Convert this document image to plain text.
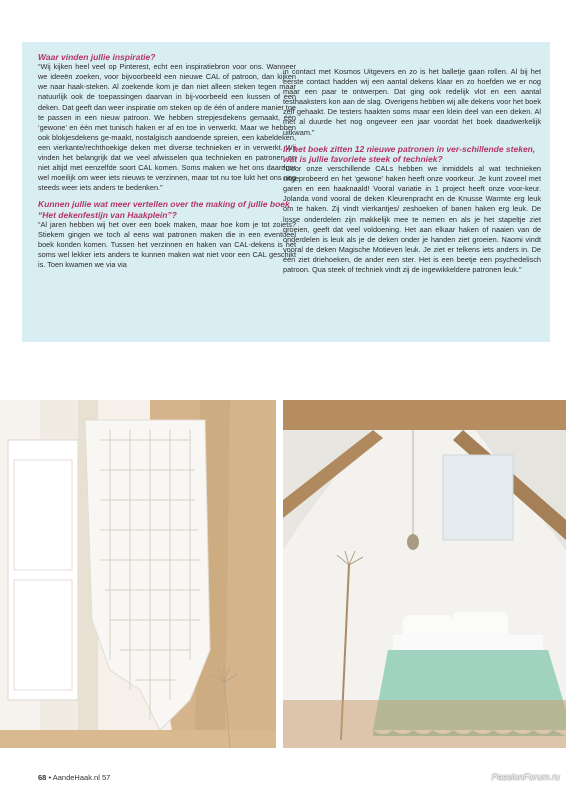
Waar vinden jullie inspiratie?

“Wij kijken heel veel op Pinterest, echt een inspiratiebron voor ons. Wanneer we ideeën zoeken, voor bijvoorbeeld een nieuwe CAL of patroon, dan kijken we naar haak-steken. Al zoekende kom je dan niet alleen steken tegen maar natuurlijk ook de toepassingen daarvan in bij-voorbeeld een kussen of een deken. Dat geeft dan weer inspiratie om steken op de één of andere manier toe te passen in een nieuw patroon. We hebben strepjesdekens gemaakt, één ‘gewone’ en één met tunisch haken er af en toe in verwerkt. Maar we hebben ook blokjesdekens ge-maakt, nostalgisch aandoende spreien, een kabeldeken, een vierkante/rechthoekige deken met diverse technieken er in verwerkt. Wij vinden het belangrijk dat we veel afwisselen qua technieken en patronen en niet altijd met eenzelfde soort CAL komen. Soms maken we het ons daardoor wel moeilijk om weer iets nieuws te verzinnen, maar tot nu toe lukt het ons nog steeds weer iets anders te bedenken.”

Kunnen jullie wat meer vertellen over the making of jullie boek “Het dekenfestijn van Haakplein”?

“Al jaren hebben wij het over een boek maken, maar hoe kom je tot zoiets? Stiekem gingen we toch al eens wat patronen maken die in een eventueel boek konden komen. Tussen het verzinnen en haken van CAL-dekens is het soms wel lekker iets anders te kunnen maken wat niet voor een CAL geschikt is. Toen kwamen we via via

in contact met Kosmos Uitgevers en zo is het balletje gaan rollen. Al bij het eerste contact hadden wij een aantal dekens klaar en zo hoefden we er nog maar een paar te ontwerpen. Dat ging ook redelijk vlot en een aantal testhaaksters kon aan de slag. Overigens hebben wij alle dekens voor het boek zelf gehaakt. De testers haakten soms maar een klein deel van een deken. Al met al duurde het nog ongeveer een jaar voordat het boek daadwerkelijk uitkwam.”

In het boek zitten 12 nieuwe patronen in ver-schillende steken, wat is jullie favoriete steek of techniek?

“Door onze verschillende CALs hebben we inmiddels al wat technieken uitgeprobeerd en het ‘gewone’ haken heeft onze voorkeur. Je kunt zoveel met garen en een haaknaald! Vooral variatie in 1 project heeft onze voor-keur. Jolanda vond vooral de deken Kleurenpracht en de Knusse Warmte erg leuk om te haken. Zij vindt vierkantjes/ zeshoeken of banen haken erg leuk. De losse onderdelen zijn makkelijk mee te nemen en als je het stapeltje ziet groeien, geeft dat veel voldoening. Het aan elkaar haken of naaien van de onderdelen is leuk als je de deken onder je handen ziet groeien. Naomi vindt vooral de deken Magische Motieven leuk. Je ziet er telkens iets anders in. De één ziet driehoeken, de ander een ster. Het is een beetje een psychedelisch patroon. Qua steek of techniek vindt zij de ingewikkeldere patronen leuk.”

68 • AandeHaak.nl 57	PassionForum.ru
